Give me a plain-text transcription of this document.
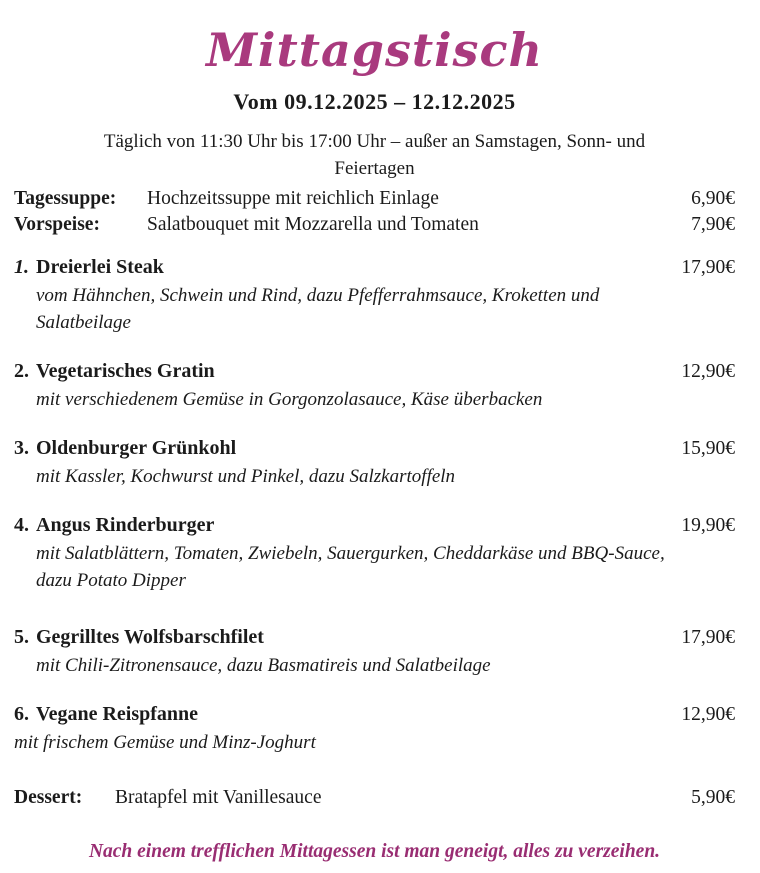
Mittagstisch
Vom 09.12.2025 – 12.12.2025
Täglich von 11:30 Uhr bis 17:00 Uhr – außer an Samstagen, Sonn- und Feiertagen
Tagessuppe:	Hochzeitssuppe mit reichlich Einlage	6,90€
Vorspeise:	Salatbouquet mit Mozzarella und Tomaten	7,90€
1. Dreierlei Steak	17,90€

vom Hähnchen, Schwein und Rind, dazu Pfefferrahmsauce, Kroketten und Salatbeilage

2. Vegetarisches Gratin	12,90€

mit verschiedenem Gemüse in Gorgonzolasauce, Käse überbacken

3. Oldenburger Grünkohl	15,90€

mit Kassler, Kochwurst und Pinkel, dazu Salzkartoffeln

4. Angus Rinderburger	19,90€

mit Salatblättern, Tomaten, Zwiebeln, Sauergurken, Cheddarkäse und BBQ-Sauce, dazu Potato Dipper

5. Gegrilltes Wolfsbarschfilet	17,90€

mit Chili-Zitronensauce, dazu Basmatireis und Salatbeilage

6. Vegane Reispfanne	12,90€

mit frischem Gemüse und Minz-Joghurt

Dessert:	Bratapfel mit Vanillesauce	5,90€
Nach einem trefflichen Mittagessen ist man geneigt, alles zu verzeihen.
